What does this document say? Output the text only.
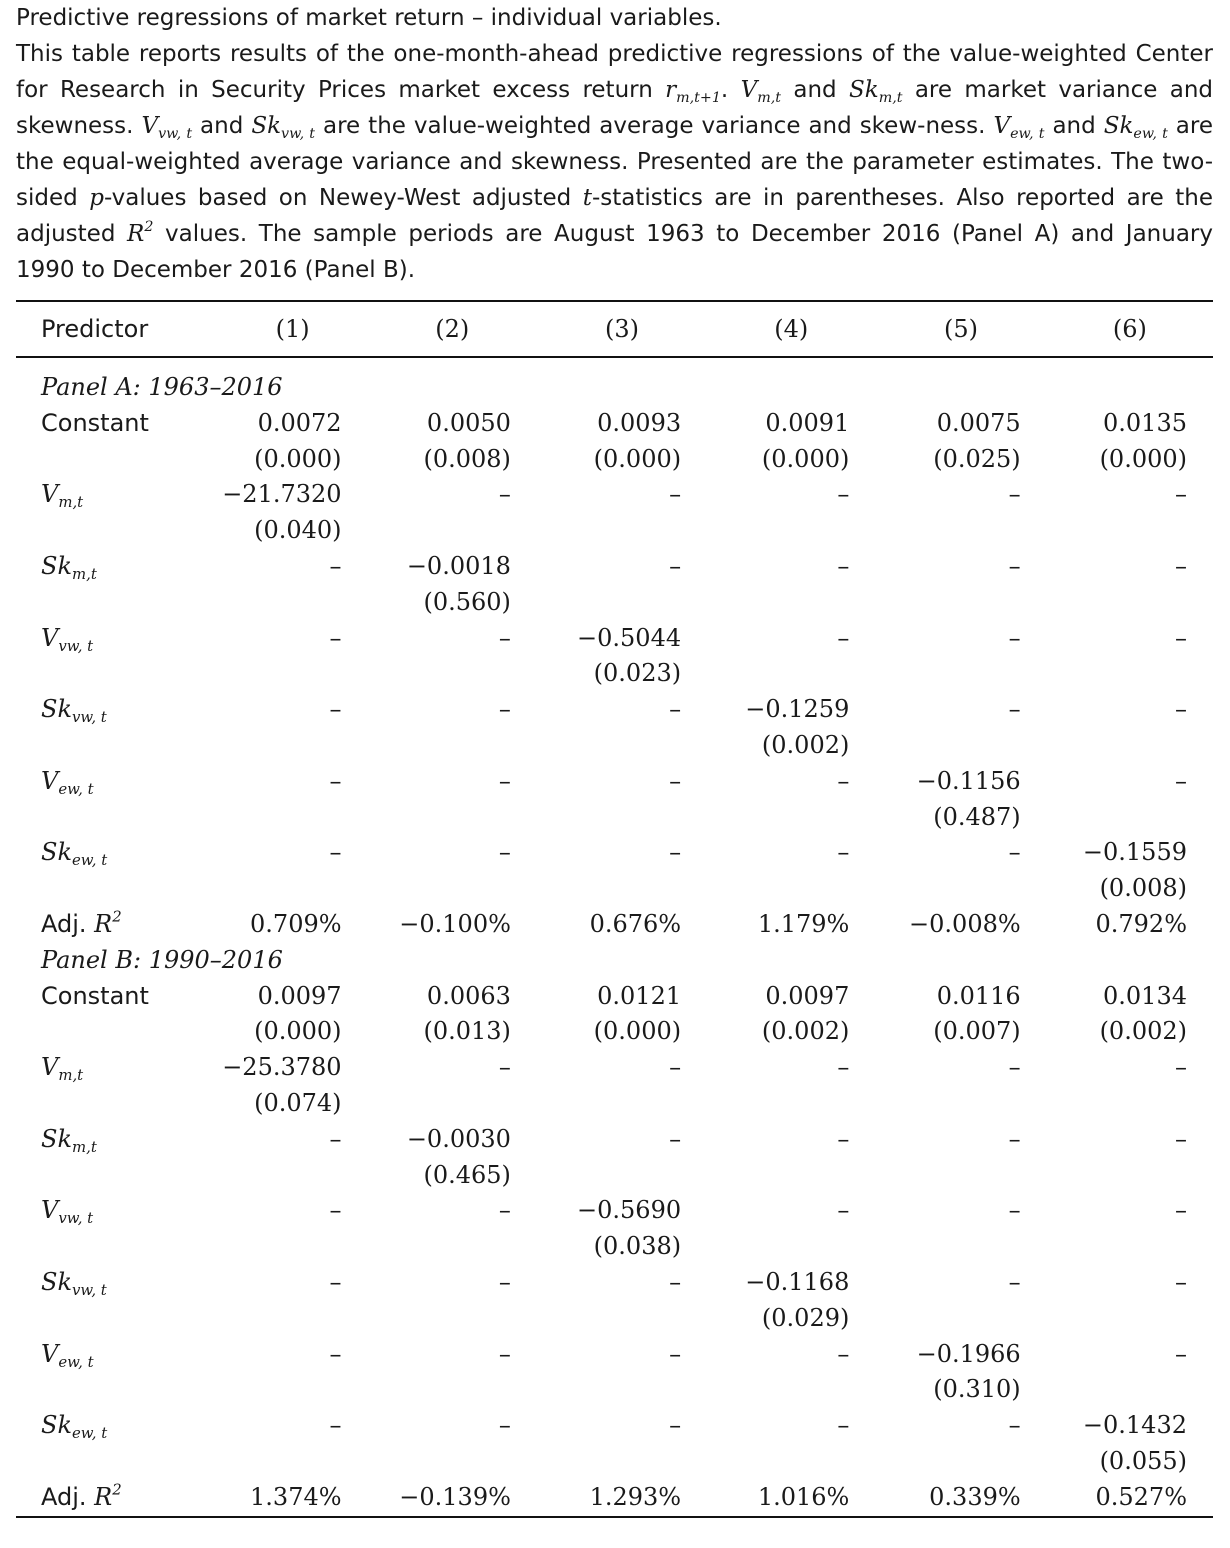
Predictive regressions of market return – individual variables.
This table reports results of the one-month-ahead predictive regressions of the value-weighted Center for Research in Security Prices market excess return $r_{m,t+1}$. $V_{m,t}$ and $Sk_{m,t}$ are market variance and skewness. $V_{vw, t}$ and $Sk_{vw, t}$ are the value-weighted average variance and skew-ness. $V_{ew, t}$ and $Sk_{ew, t}$ are the equal-weighted average variance and skewness. Presented are the parameter estimates. The two-sided p-values based on Newey-West adjusted t-statistics are in parentheses. Also reported are the adjusted $R^2$ values. The sample periods are August 1963 to December 2016 (Panel A) and January 1990 to December 2016 (Panel B).
Predictor	(1)	(2)	(3)	(4)	(5)	(6)
Panel A: 1963–2016						
Constant	0.0072	0.0050	0.0093	0.0091	0.0075	0.0135
	(0.000)	(0.008)	(0.000)	(0.000)	(0.025)	(0.000)
$V_{m,t}$	−21.7320	–	–	–	–	–
	(0.040)					
$Sk_{m,t}$	–	−0.0018	–	–	–	–
		(0.560)				
$V_{vw, t}$	–	–	−0.5044	–	–	–
			(0.023)			
$Sk_{vw, t}$	–	–	–	−0.1259	–	–
				(0.002)		
$V_{ew, t}$	–	–	–	–	−0.1156	–
					(0.487)	
$Sk_{ew, t}$	–	–	–	–	–	−0.1559
						(0.008)
Adj. $R^2$	0.709%	−0.100%	0.676%	1.179%	−0.008%	0.792%
Panel B: 1990–2016						
Constant	0.0097	0.0063	0.0121	0.0097	0.0116	0.0134
	(0.000)	(0.013)	(0.000)	(0.002)	(0.007)	(0.002)
$V_{m,t}$	−25.3780	–	–	–	–	–
	(0.074)					
$Sk_{m,t}$	–	−0.0030	–	–	–	–
		(0.465)				
$V_{vw, t}$	–	–	−0.5690	–	–	–
			(0.038)			
$Sk_{vw, t}$	–	–	–	−0.1168	–	–
				(0.029)		
$V_{ew, t}$	–	–	–	–	−0.1966	–
					(0.310)	
$Sk_{ew, t}$	–	–	–	–	–	−0.1432
						(0.055)
Adj. $R^2$	1.374%	−0.139%	1.293%	1.016%	0.339%	0.527%
